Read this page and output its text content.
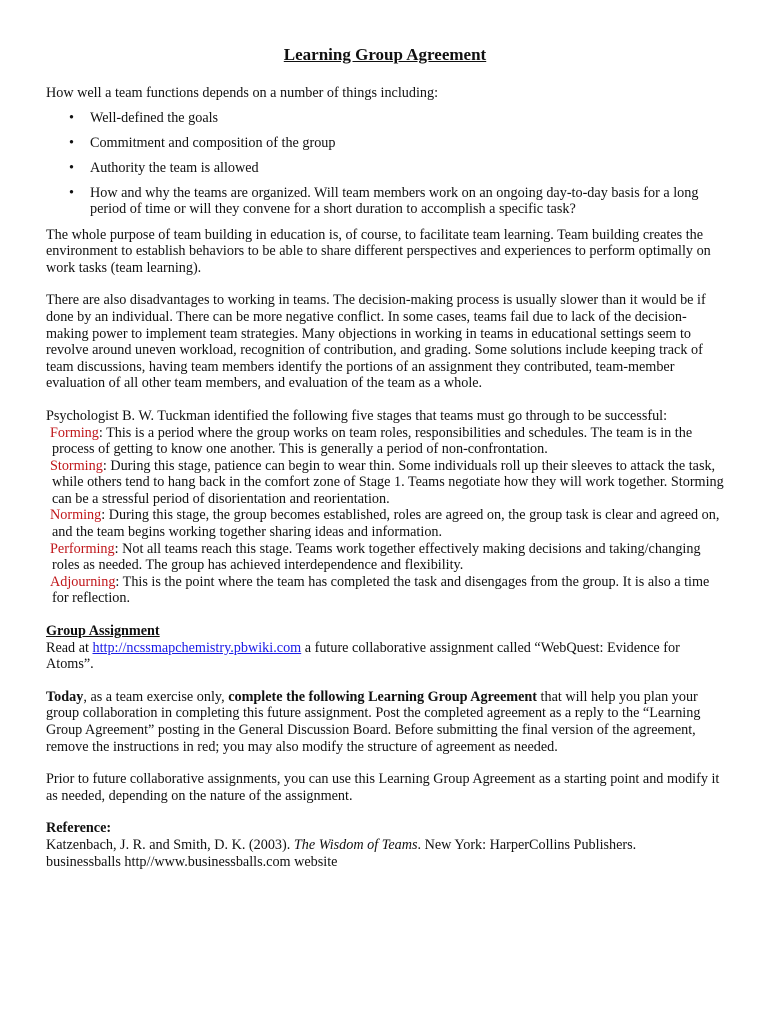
Learning Group Agreement

How well a team functions depends on a number of things including:

• Well-defined the goals
• Commitment and composition of the group
• Authority the team is allowed
• How and why the teams are organized. Will team members work on an ongoing day-to-day basis for a long period of time or will they convene for a short duration to accomplish a specific task?

The whole purpose of team building in education is, of course, to facilitate team learning. Team building creates the environment to establish behaviors to be able to share different perspectives and experiences to perform optimally on work tasks (team learning).

There are also disadvantages to working in teams. The decision-making process is usually slower than it would be if done by an individual. There can be more negative conflict. In some cases, teams fail due to lack of the decision-making power to implement team strategies. Many objections in working in teams in educational settings seem to revolve around uneven workload, recognition of contribution, and grading. Some solutions include keeping track of team discussions, having team members identify the portions of an assignment they contributed, team-member evaluation of all other team members, and evaluation of the team as a whole.

Psychologist B. W. Tuckman identified the following five stages that teams must go through to be successful:

Forming: This is a period where the group works on team roles, responsibilities and schedules. The team is in the process of getting to know one another. This is generally a period of non-confrontation.

Storming: During this stage, patience can begin to wear thin. Some individuals roll up their sleeves to attack the task, while others tend to hang back in the comfort zone of Stage 1. Teams negotiate how they will work together. Storming can be a stressful period of disorientation and reorientation.

Norming: During this stage, the group becomes established, roles are agreed on, the group task is clear and agreed on, and the team begins working together sharing ideas and information.

Performing: Not all teams reach this stage. Teams work together effectively making decisions and taking/changing roles as needed. The group has achieved interdependence and flexibility.

Adjourning: This is the point where the team has completed the task and disengages from the group. It is also a time for reflection.

Group Assignment

Read at http://ncssmapchemistry.pbwiki.com a future collaborative assignment called “WebQuest: Evidence for Atoms”.

Today, as a team exercise only, complete the following Learning Group Agreement that will help you plan your group collaboration in completing this future assignment. Post the completed agreement as a reply to the “Learning Group Agreement” posting in the General Discussion Board. Before submitting the final version of the agreement, remove the instructions in red; you may also modify the structure of agreement as needed.

Prior to future collaborative assignments, you can use this Learning Group Agreement as a starting point and modify it as needed, depending on the nature of the assignment.

Reference:

Katzenbach, J. R. and Smith, D. K. (2003). The Wisdom of Teams. New York: HarperCollins Publishers.

businessballs http//www.businessballs.com website
